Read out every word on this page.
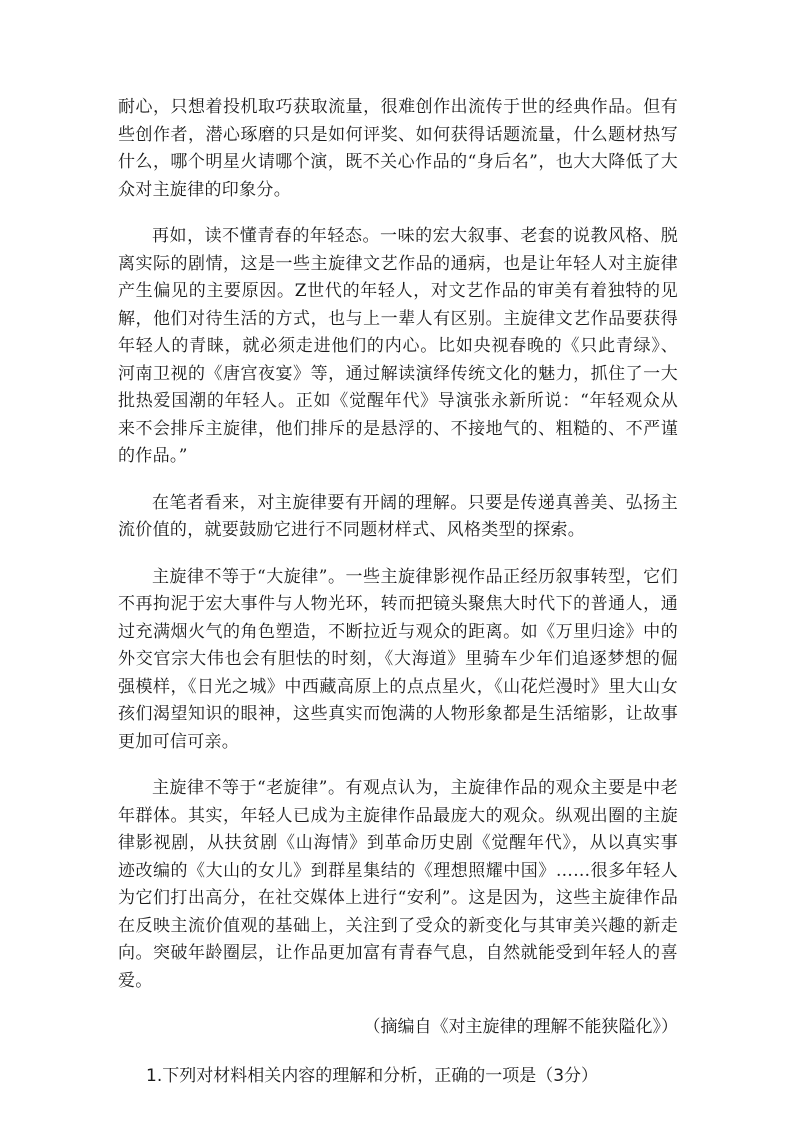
耐心，只想着投机取巧获取流量，很难创作出流传于世的经典作品。但有些创作者，潜心琢磨的只是如何评奖、如何获得话题流量，什么题材热写什么，哪个明星火请哪个演，既不关心作品的“身后名”，也大大降低了大众对主旋律的印象分。

再如，读不懂青春的年轻态。一味的宏大叙事、老套的说教风格、脱离实际的剧情，这是一些主旋律文艺作品的通病，也是让年轻人对主旋律产生偏见的主要原因。Z世代的年轻人，对文艺作品的审美有着独特的见解，他们对待生活的方式，也与上一辈人有区别。主旋律文艺作品要获得年轻人的青睐，就必须走进他们的内心。比如央视春晚的《只此青绿》、河南卫视的《唐宫夜宴》等，通过解读演绎传统文化的魅力，抓住了一大批热爱国潮的年轻人。正如《觉醒年代》导演张永新所说：“年轻观众从来不会排斥主旋律，他们排斥的是悬浮的、不接地气的、粗糙的、不严谨的作品。”

在笔者看来，对主旋律要有开阔的理解。只要是传递真善美、弘扬主流价值的，就要鼓励它进行不同题材样式、风格类型的探索。

主旋律不等于“大旋律”。一些主旋律影视作品正经历叙事转型，它们不再拘泥于宏大事件与人物光环，转而把镜头聚焦大时代下的普通人，通过充满烟火气的角色塑造，不断拉近与观众的距离。如《万里归途》中的外交官宗大伟也会有胆怯的时刻，《大海道》里骑车少年们追逐梦想的倔强模样，《日光之城》中西藏高原上的点点星火，《山花烂漫时》里大山女孩们渴望知识的眼神，这些真实而饱满的人物形象都是生活缩影，让故事更加可信可亲。

主旋律不等于“老旋律”。有观点认为，主旋律作品的观众主要是中老年群体。其实，年轻人已成为主旋律作品最庞大的观众。纵观出圈的主旋律影视剧，从扶贫剧《山海情》到革命历史剧《觉醒年代》，从以真实事迹改编的《大山的女儿》到群星集结的《理想照耀中国》……很多年轻人为它们打出高分，在社交媒体上进行“安利”。这是因为，这些主旋律作品在反映主流价值观的基础上，关注到了受众的新变化与其审美兴趣的新走向。突破年龄圈层，让作品更加富有青春气息，自然就能受到年轻人的喜爱。

（摘编自《对主旋律的理解不能狭隘化》）

1.下列对材料相关内容的理解和分析，正确的一项是（3分）
